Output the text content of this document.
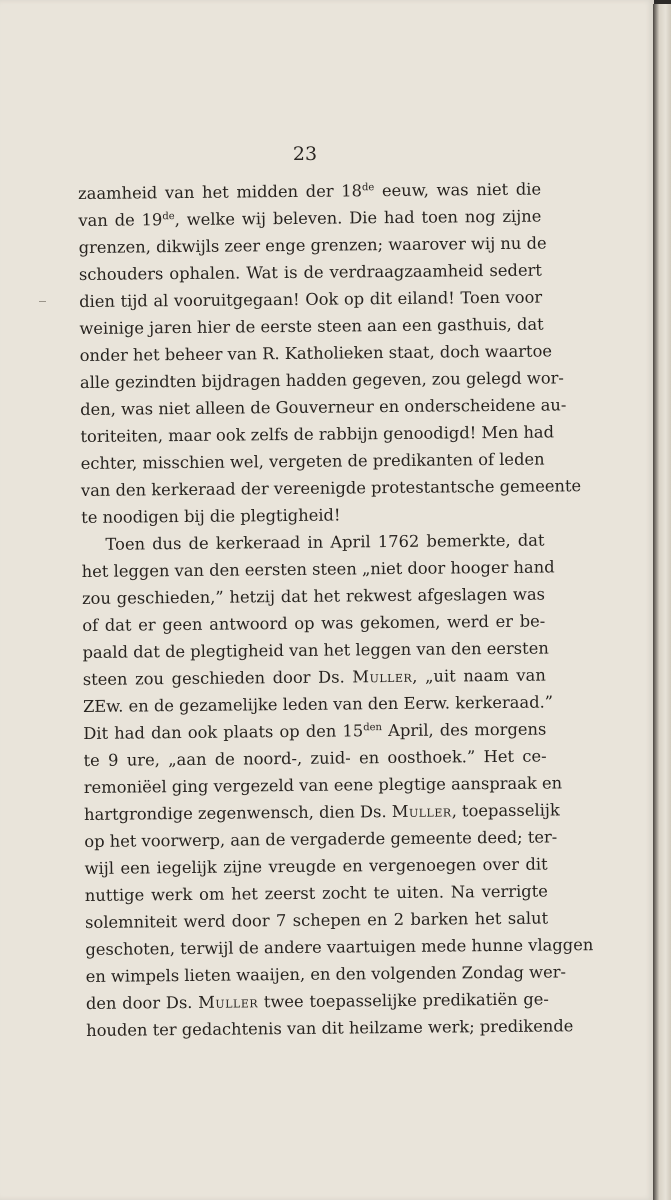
23

zaamheid van het midden der 18de eeuw, was niet die
van de 19de, welke wij beleven. Die had toen nog zijne
grenzen, dikwijls zeer enge grenzen; waarover wij nu de
schouders ophalen. Wat is de verdraagzaamheid sedert
dien tijd al vooruitgegaan! Ook op dit eiland! Toen voor
weinige jaren hier de eerste steen aan een gasthuis, dat
onder het beheer van R. Katholieken staat, doch waartoe
alle gezindten bijdragen hadden gegeven, zou gelegd wor-
den, was niet alleen de Gouverneur en onderscheidene au-
toriteiten, maar ook zelfs de rabbijn genoodigd! Men had
echter, misschien wel, vergeten de predikanten of leden
van den kerkeraad der vereenigde protestantsche gemeente
te noodigen bij die plegtigheid!
Toen dus de kerkeraad in April 1762 bemerkte, dat
het leggen van den eersten steen „niet door hooger hand
zou geschieden,” hetzij dat het rekwest afgeslagen was
of dat er geen antwoord op was gekomen, werd er be-
paald dat de plegtigheid van het leggen van den eersten
steen zou geschieden door Ds. Muller, „uit naam van
ZEw. en de gezamelijke leden van den Eerw. kerkeraad.”
Dit had dan ook plaats op den $15^{den}$ April, des morgens
te 9 ure, „aan de noord-, zuid- en oosthoek.” Het ce-
remoniëel ging vergezeld van eene plegtige aanspraak en
hartgrondige zegenwensch, dien Ds. Muller, toepasselijk
op het voorwerp, aan de vergaderde gemeente deed; ter-
wijl een iegelijk zijne vreugde en vergenoegen over dit
nuttige werk om het zeerst zocht te uiten. Na verrigte
solemniteit werd door 7 schepen en 2 barken het salut
geschoten, terwijl de andere vaartuigen mede hunne vlaggen
en wimpels lieten waaijen, en den volgenden Zondag wer-
den door Ds. Muller twee toepasselijke predikatiën ge-
houden ter gedachtenis van dit heilzame werk; predikende
